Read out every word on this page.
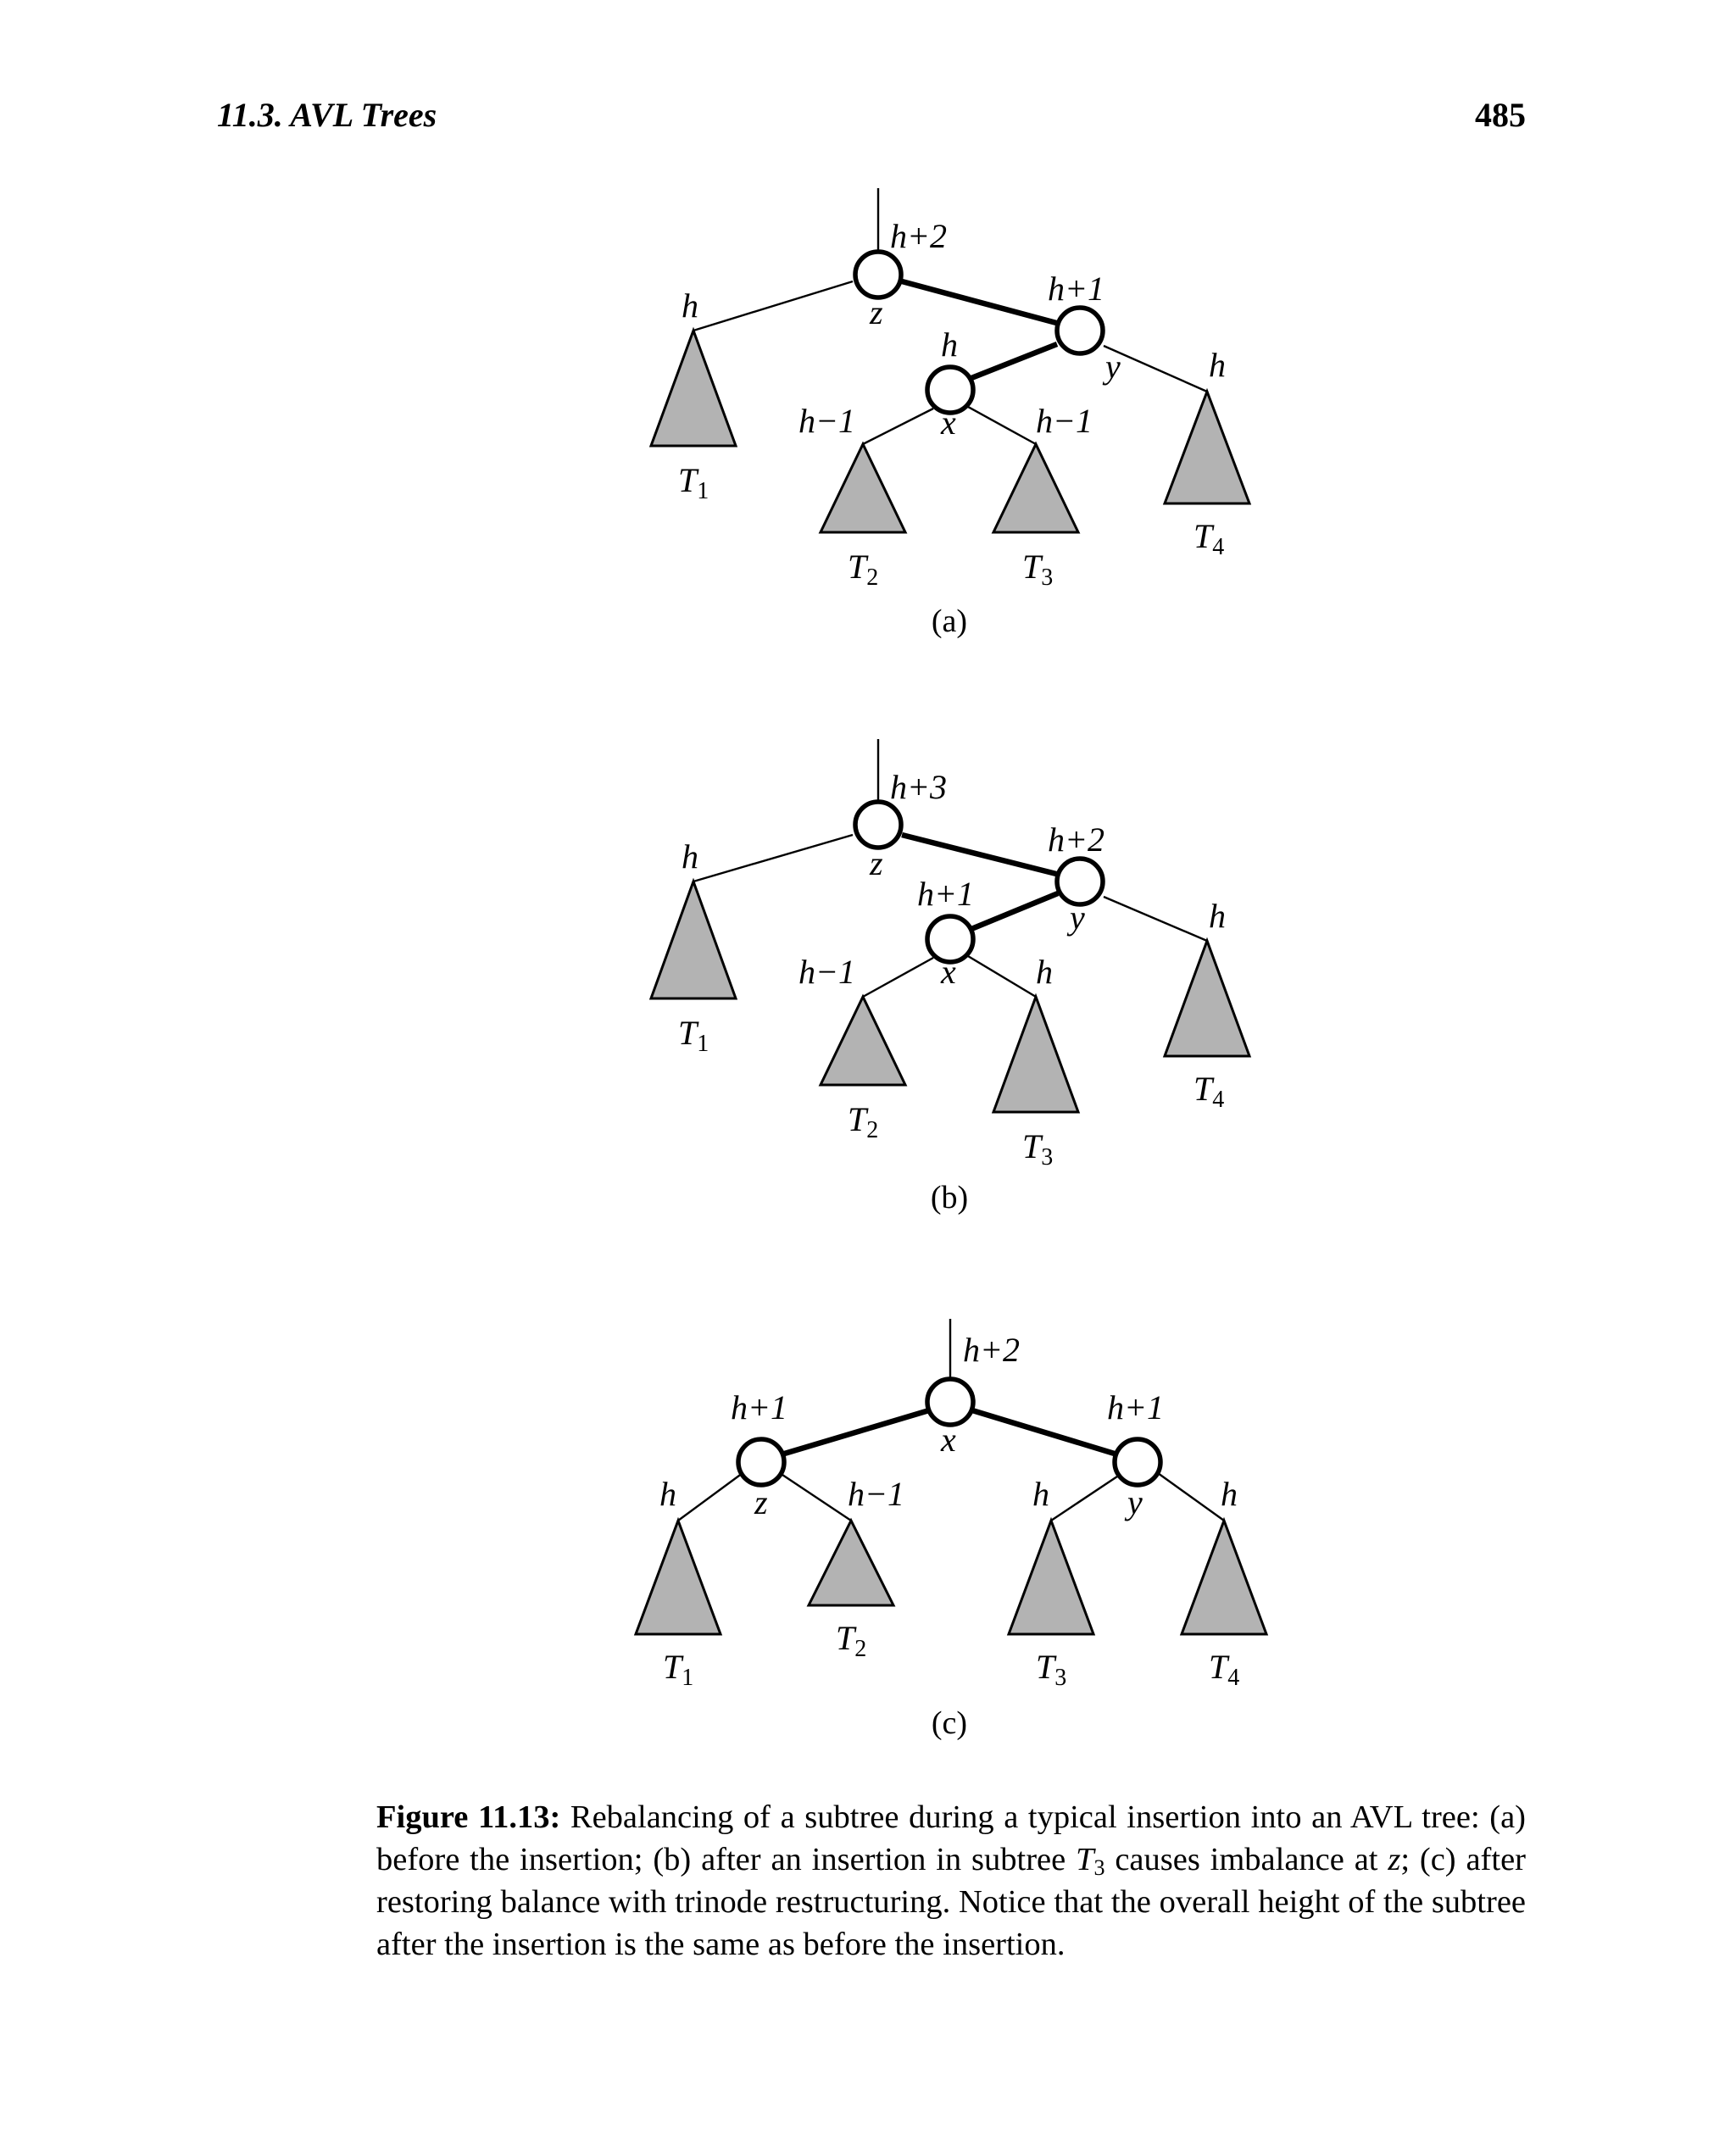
11.3. AVL Trees	485
h+2
z
h	h+1
y	h
h
x
h−1	h−1
$T_1$
$T_2$	$T_3$
$T_4$
(a)
h+3
z
h	h+2
y	h
h+1
x
h−1	h
$T_1$
$T_2$	$T_3$
$T_4$
(b)
h+2
x
h+1
z
h	h−1
h+1
y
h	h
$T_1$
$T_2$	$T_3$	$T_4$
(c)

Figure 11.13: Rebalancing of a subtree during a typical insertion into an AVL tree: (a) before the insertion; (b) after an insertion in subtree $T_3$ causes imbalance at z; (c) after restoring balance with trinode restructuring. Notice that the overall height of the subtree after the insertion is the same as before the insertion.
